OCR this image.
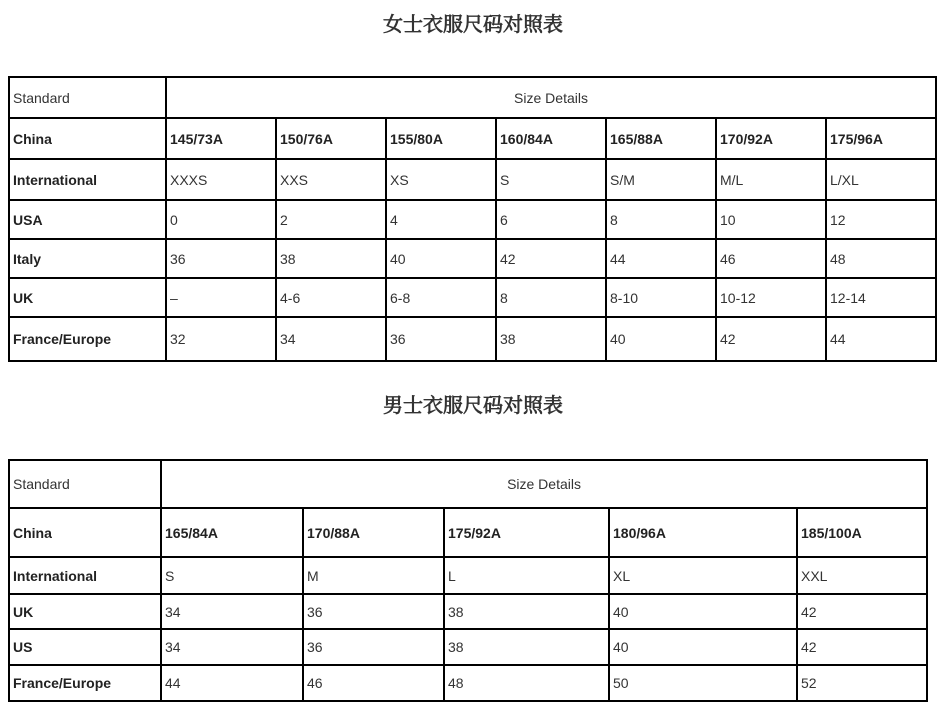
女士衣服尺码对照表
Standard	Size Details						
China	145/73A	150/76A	155/80A	160/84A	165/88A	170/92A	175/96A
International	XXXS	XXS	XS	S	S/M	M/L	L/XL
USA	0	2	4	6	8	10	12
Italy	36	38	40	42	44	46	48
UK	–	4-6	6-8	8	8-10	10-12	12-14
France/Europe	32	34	36	38	40	42	44
男士衣服尺码对照表
Standard	Size Details				
China	165/84A	170/88A	175/92A	180/96A	185/100A
International	S	M	L	XL	XXL
UK	34	36	38	40	42
US	34	36	38	40	42
France/Europe	44	46	48	50	52
